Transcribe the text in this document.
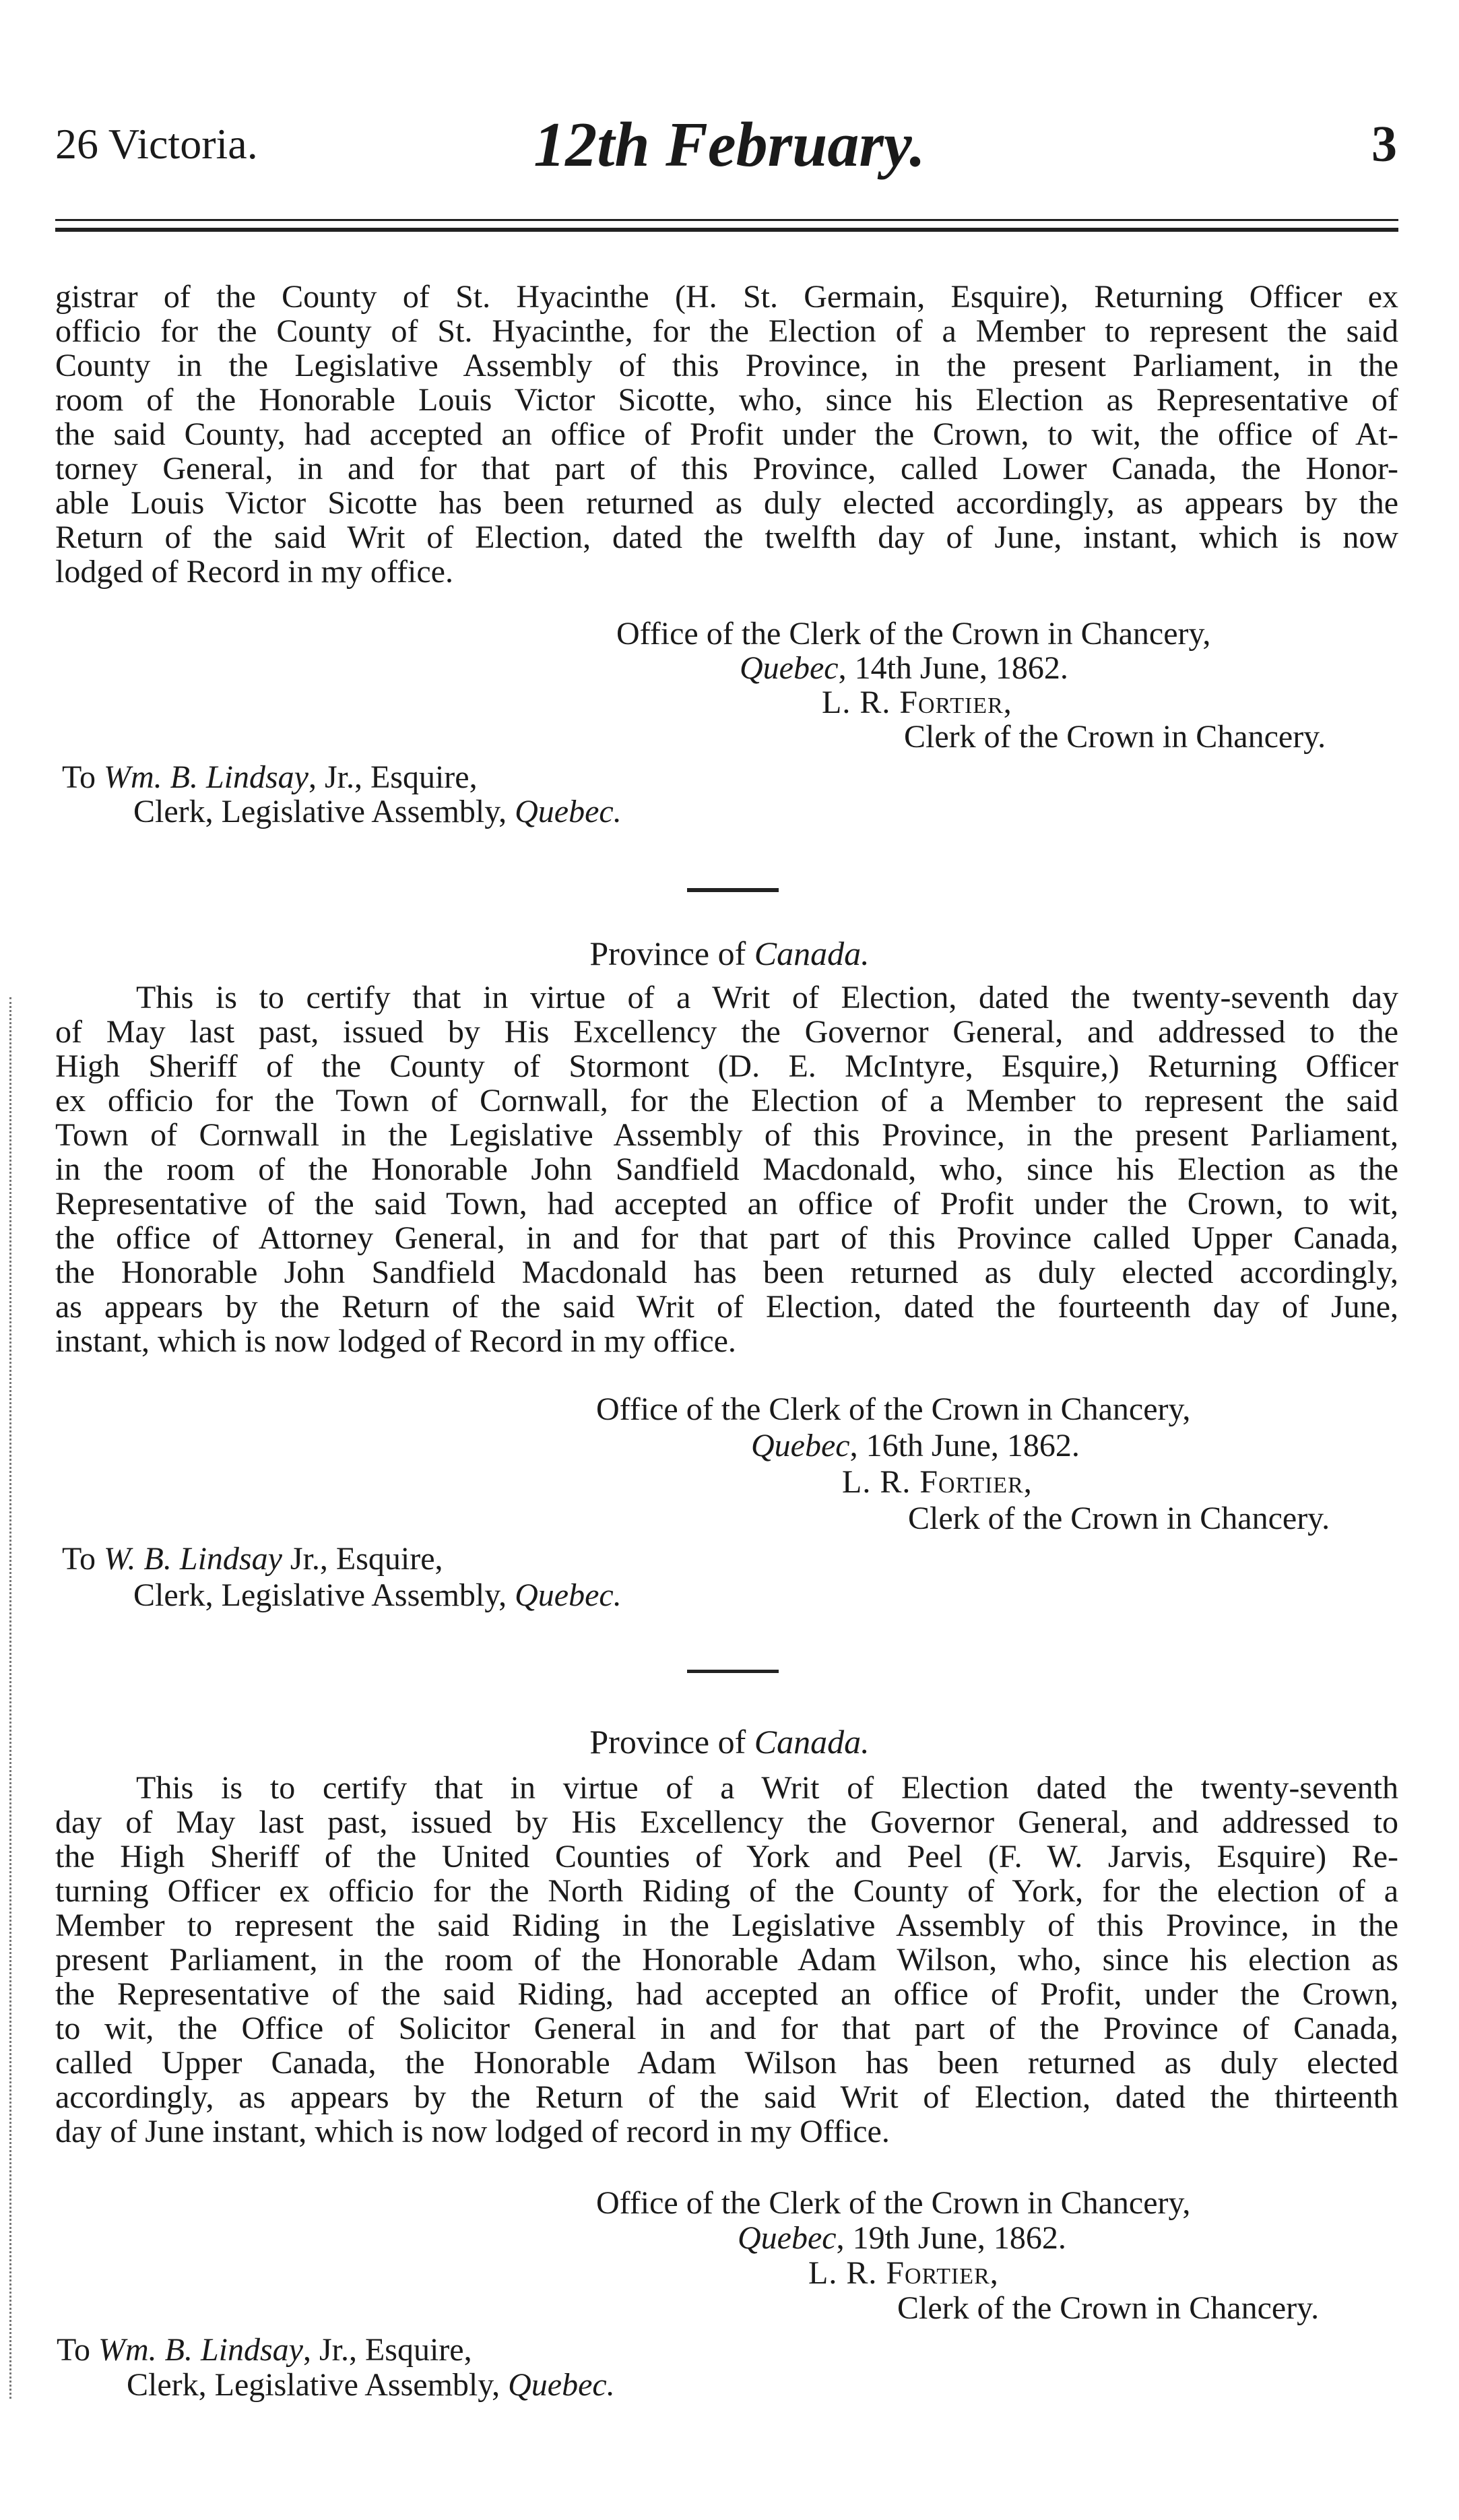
26 Victoria.	12th February.	3
gistrar of the County of St. Hyacinthe (H. St. Germain, Esquire), Returning Officer ex
officio for the County of St. Hyacinthe, for the Election of a Member to represent the said
County in the Legislative Assembly of this Province, in the present Parliament, in the
room of the Honorable Louis Victor Sicotte, who, since his Election as Representative of
the said County, had accepted an office of Profit under the Crown, to wit, the office of At-
torney General, in and for that part of this Province, called Lower Canada, the Honor-
able Louis Victor Sicotte has been returned as duly elected accordingly, as appears by the
Return of the said Writ of Election, dated the twelfth day of June, instant, which is now
lodged of Record in my office.
Office of the Clerk of the Crown in Chancery,
Quebec, 14th June, 1862.
L. R. Fortier,
Clerk of the Crown in Chancery.
To Wm. B. Lindsay, Jr., Esquire,
Clerk, Legislative Assembly, Quebec.
Province of Canada.
This is to certify that in virtue of a Writ of Election, dated the twenty-seventh day
of May last past, issued by His Excellency the Governor General, and addressed to the
High Sheriff of the County of Stormont (D. E. McIntyre, Esquire,) Returning Officer
ex officio for the Town of Cornwall, for the Election of a Member to represent the said
Town of Cornwall in the Legislative Assembly of this Province, in the present Parliament,
in the room of the Honorable John Sandfield Macdonald, who, since his Election as the
Representative of the said Town, had accepted an office of Profit under the Crown, to wit,
the office of Attorney General, in and for that part of this Province called Upper Canada,
the Honorable John Sandfield Macdonald has been returned as duly elected accordingly,
as appears by the Return of the said Writ of Election, dated the fourteenth day of June,
instant, which is now lodged of Record in my office.
Office of the Clerk of the Crown in Chancery,
Quebec, 16th June, 1862.
L. R. Fortier,
Clerk of the Crown in Chancery.
To W. B. Lindsay Jr., Esquire,
Clerk, Legislative Assembly, Quebec.
Province of Canada.
This is to certify that in virtue of a Writ of Election dated the twenty-seventh
day of May last past, issued by His Excellency the Governor General, and addressed to
the High Sheriff of the United Counties of York and Peel (F. W. Jarvis, Esquire) Re-
turning Officer ex officio for the North Riding of the County of York, for the election of a
Member to represent the said Riding in the Legislative Assembly of this Province, in the
present Parliament, in the room of the Honorable Adam Wilson, who, since his election as
the Representative of the said Riding, had accepted an office of Profit, under the Crown,
to wit, the Office of Solicitor General in and for that part of the Province of Canada,
called Upper Canada, the Honorable Adam Wilson has been returned as duly elected
accordingly, as appears by the Return of the said Writ of Election, dated the thirteenth
day of June instant, which is now lodged of record in my Office.
Office of the Clerk of the Crown in Chancery,
Quebec, 19th June, 1862.
L. R. Fortier,
Clerk of the Crown in Chancery.
To Wm. B. Lindsay, Jr., Esquire,
Clerk, Legislative Assembly, Quebec.
